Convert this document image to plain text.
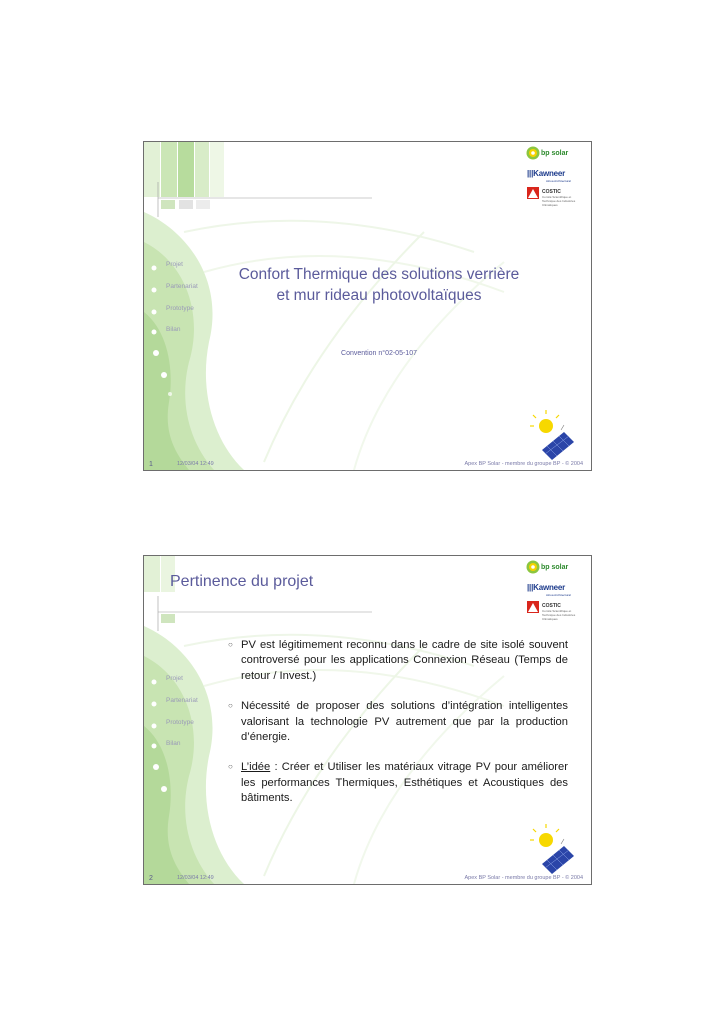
bp solar
|||Kawneer
Alcoa Architectural
COSTIC
Comité Scientifique et Technique des Industries Climatiques
Projet
Partenariat
Prototype
Bilan
Confort Thermique des solutions verrière
et mur rideau photovoltaïques
Convention n°02-05-107
1	12/03/04 12:49	Apex BP Solar - membre du groupe BP - © 2004
bp solar
|||Kawneer
Alcoa Architectural
COSTIC
Comité Scientifique et Technique des Industries Climatiques
Pertinence du projet
Projet
Partenariat
Prototype
Bilan
○ PV est légitimement reconnu dans le cadre de site isolé souvent controversé pour les applications Connexion Réseau (Temps de retour / Invest.)
○ Nécessité de proposer des solutions d’intégration intelligentes valorisant la technologie PV autrement que par la production d’énergie.
○ L’idée : Créer et Utiliser les matériaux vitrage PV pour améliorer les performances Thermiques, Esthétiques et Acoustiques des bâtiments.
2	12/03/04 12:49	Apex BP Solar - membre du groupe BP - © 2004
